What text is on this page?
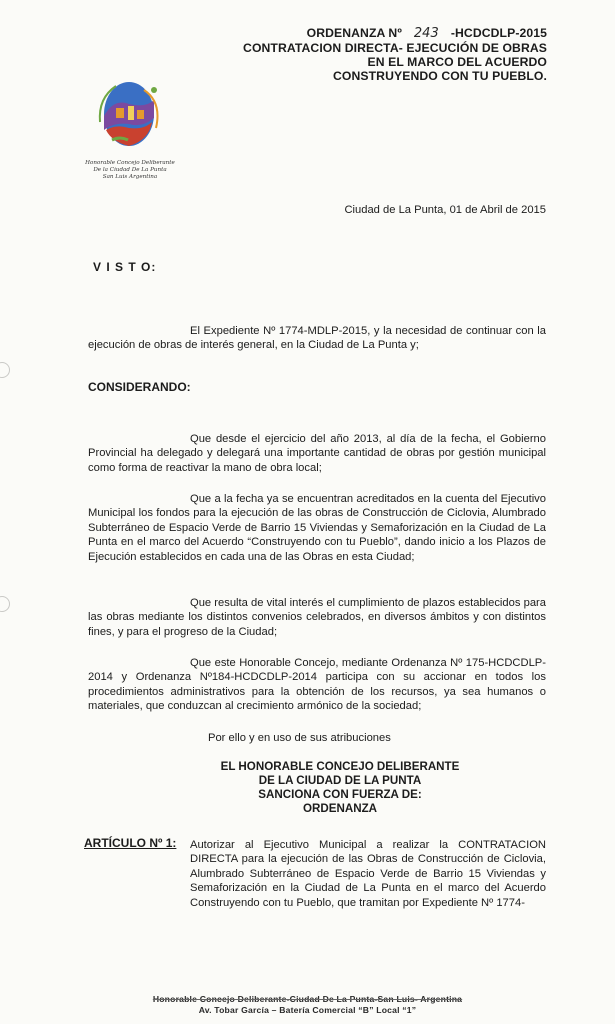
ORDENANZA Nº 243 -HCDCDLP-2015
CONTRATACION DIRECTA- EJECUCIÓN DE OBRAS
EN EL MARCO DEL ACUERDO
CONSTRUYENDO CON TU PUEBLO.
Honorable Concejo Deliberante
De la Ciudad De La Punta
San Luis Argentina
Ciudad de La Punta, 01 de Abril de 2015
V I S T O:
El Expediente Nº 1774-MDLP-2015, y la necesidad de continuar con la ejecución de obras de interés general, en la Ciudad de La Punta y;
CONSIDERANDO:
Que desde el ejercicio del año 2013, al día de la fecha, el Gobierno Provincial ha delegado y delegará una importante cantidad de obras por gestión municipal como forma de reactivar la mano de obra local;
Que a la fecha ya se encuentran acreditados en la cuenta del Ejecutivo Municipal los fondos para la ejecución de las obras de Construcción de Ciclovia, Alumbrado Subterráneo de Espacio Verde de Barrio 15 Viviendas y Semaforización en la Ciudad de La Punta en el marco del Acuerdo “Construyendo con tu Pueblo”, dando inicio a los Plazos de Ejecución establecidos en cada una de las Obras en esta Ciudad;
Que resulta de vital interés el cumplimiento de plazos establecidos para las obras mediante los distintos convenios celebrados, en diversos ámbitos y con distintos fines, y para el progreso de la Ciudad;
Que este Honorable Concejo, mediante Ordenanza Nº 175-HCDCDLP-2014 y Ordenanza Nº184-HCDCDLP-2014 participa con su accionar en todos los procedimientos administrativos para la obtención de los recursos, ya sea humanos o materiales, que conduzcan al crecimiento armónico de la sociedad;
Por ello y en uso de sus atribuciones
EL HONORABLE CONCEJO DELIBERANTE
DE LA CIUDAD DE LA PUNTA
SANCIONA CON FUERZA DE:
ORDENANZA
ARTÍCULO Nº 1: Autorizar al Ejecutivo Municipal a realizar la CONTRATACION DIRECTA para la ejecución de las Obras de Construcción de Ciclovia, Alumbrado Subterráneo de Espacio Verde de Barrio 15 Viviendas y Semaforización en la Ciudad de La Punta en el marco del Acuerdo Construyendo con tu Pueblo, que tramitan por Expediente Nº 1774-
Honorable Concejo Deliberante-Ciudad De La Punta-San Luis- Argentina
Av. Tobar García – Batería Comercial “B” Local “1”
